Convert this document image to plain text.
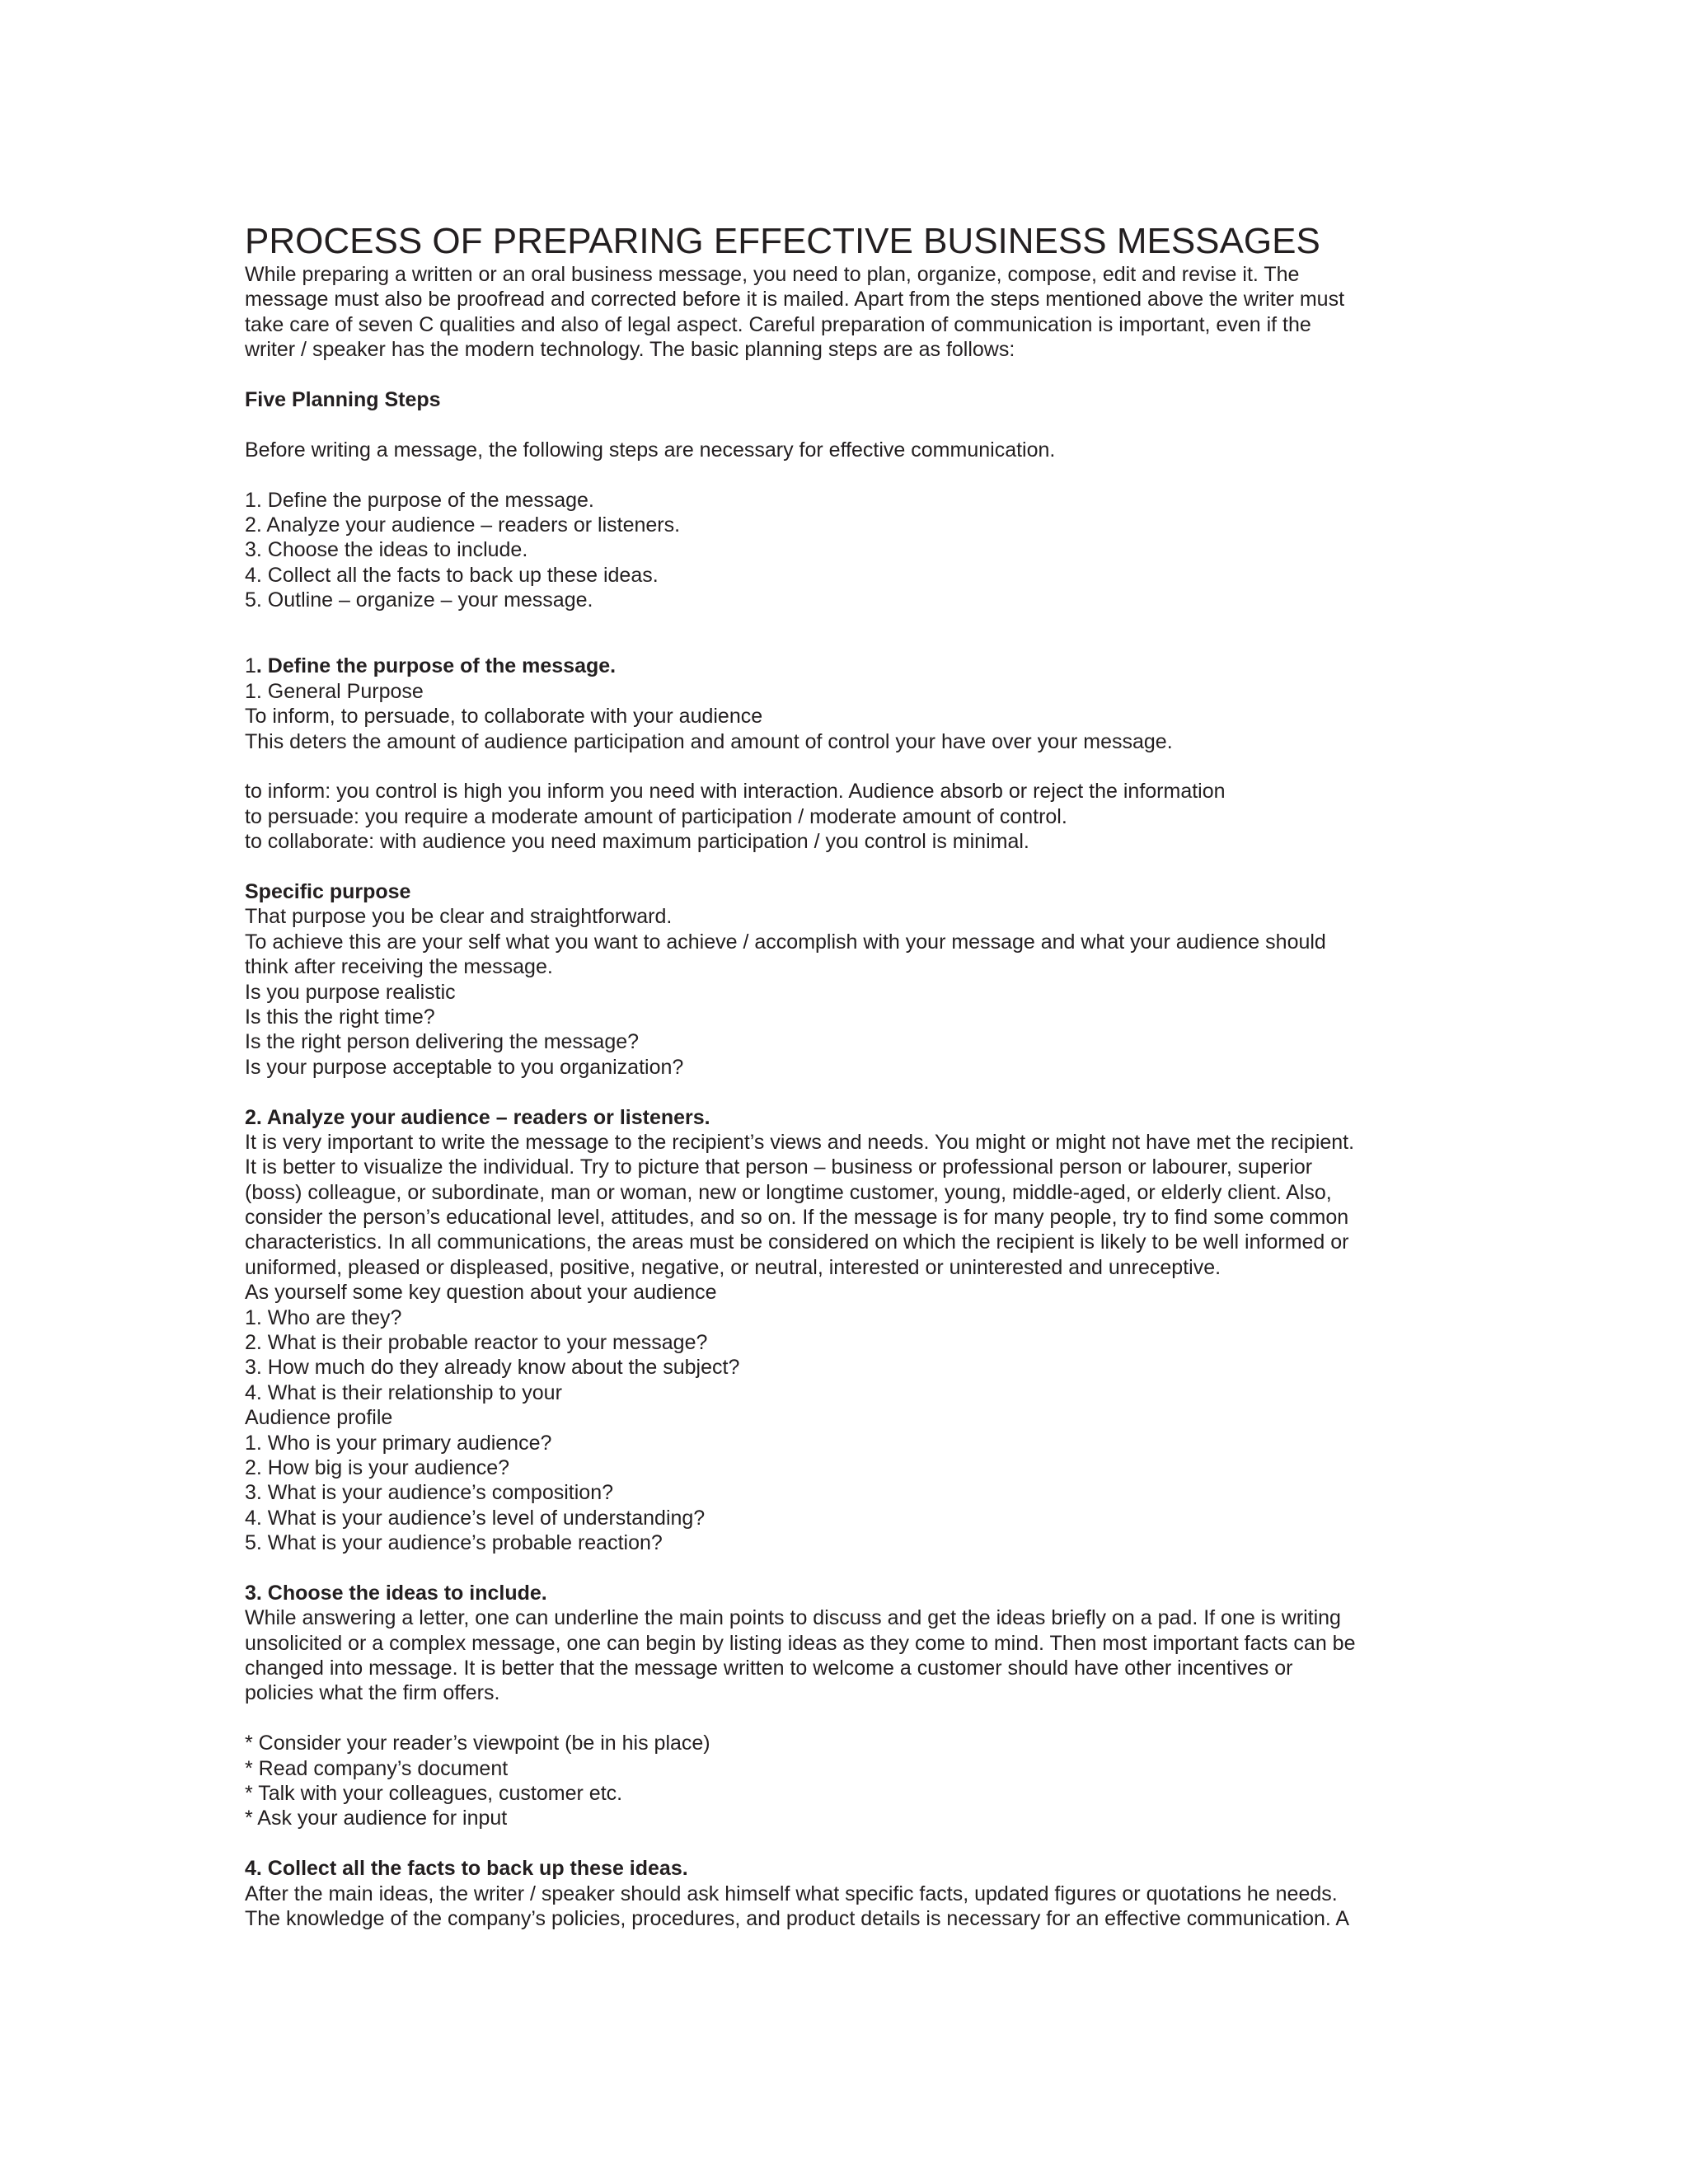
PROCESS OF PREPARING EFFECTIVE BUSINESS MESSAGES

While preparing a written or an oral business message, you need to plan, organize, compose, edit and revise it. The

message must also be proofread and corrected before it is mailed. Apart from the steps mentioned above the writer must

take care of seven C qualities and also of legal aspect. Careful preparation of communication is important, even if the

writer / speaker has the modern technology. The basic planning steps are as follows:

Five Planning Steps

Before writing a message, the following steps are necessary for effective communication.

1. Define the purpose of the message.

2. Analyze your audience – readers or listeners.

3. Choose the ideas to include.

4. Collect all the facts to back up these ideas.

5. Outline – organize – your message.

1. Define the purpose of the message.

1. General Purpose

To inform, to persuade, to collaborate with your audience

This deters the amount of audience participation and amount of control your have over your message.

to inform: you control is high you inform you need with interaction. Audience absorb or reject the information

to persuade: you require a moderate amount of participation / moderate amount of control.

to collaborate: with audience you need maximum participation / you control is minimal.

Specific purpose

That purpose you be clear and straightforward.

To achieve this are your self what you want to achieve / accomplish with your message and what your audience should

think after receiving the message.

Is you purpose realistic

Is this the right time?

Is the right person delivering the message?

Is your purpose acceptable to you organization?

2. Analyze your audience – readers or listeners.

It is very important to write the message to the recipient’s views and needs. You might or might not have met the recipient.

It is better to visualize the individual. Try to picture that person – business or professional person or labourer, superior

(boss) colleague, or subordinate, man or woman, new or longtime customer, young, middle-aged, or elderly client. Also,

consider the person’s educational level, attitudes, and so on. If the message is for many people, try to find some common

characteristics. In all communications, the areas must be considered on which the recipient is likely to be well informed or

uniformed, pleased or displeased, positive, negative, or neutral, interested or uninterested and unreceptive.

As yourself some key question about your audience

1. Who are they?

2. What is their probable reactor to your message?

3. How much do they already know about the subject?

4. What is their relationship to your

Audience profile

1. Who is your primary audience?

2. How big is your audience?

3. What is your audience’s composition?

4. What is your audience’s level of understanding?

5. What is your audience’s probable reaction?

3. Choose the ideas to include.

While answering a letter, one can underline the main points to discuss and get the ideas briefly on a pad. If one is writing

unsolicited or a complex message, one can begin by listing ideas as they come to mind. Then most important facts can be

changed into message. It is better that the message written to welcome a customer should have other incentives or

policies what the firm offers.

* Consider your reader’s viewpoint (be in his place)

* Read company’s document

* Talk with your colleagues, customer etc.

* Ask your audience for input

4. Collect all the facts to back up these ideas.

After the main ideas, the writer / speaker should ask himself what specific facts, updated figures or quotations he needs.

The knowledge of the company’s policies, procedures, and product details is necessary for an effective communication. A
